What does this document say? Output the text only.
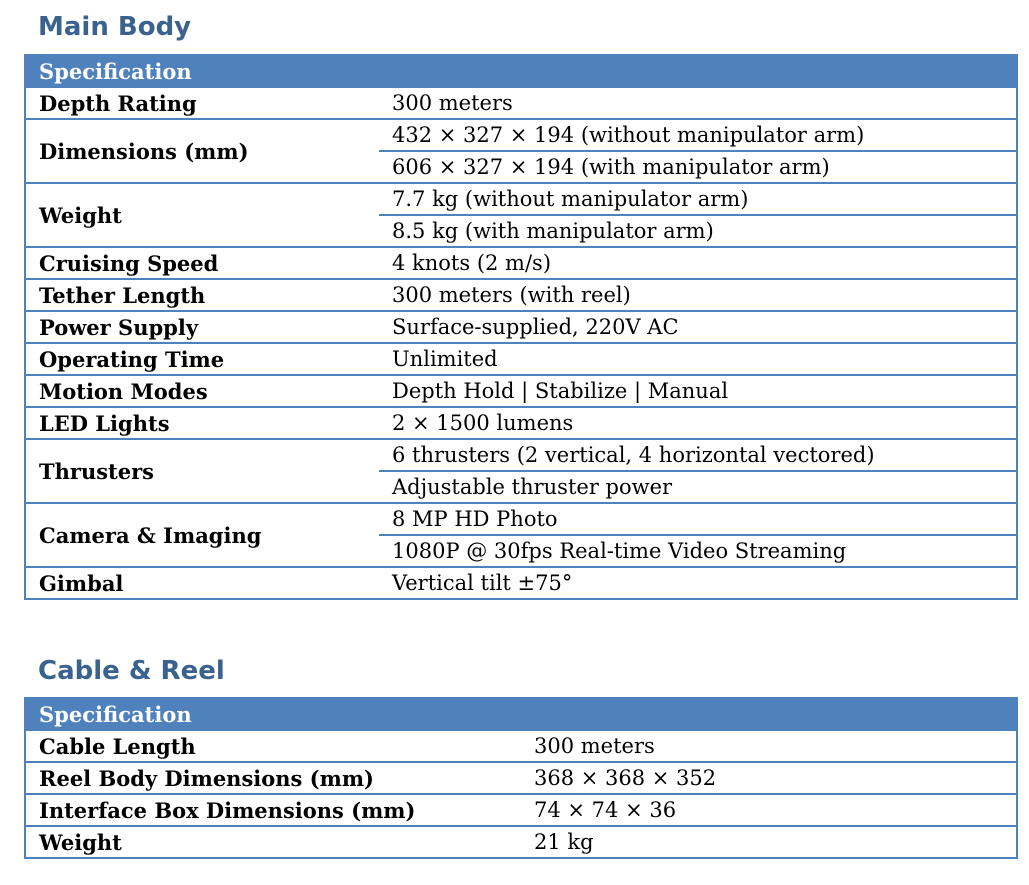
Main Body
Specification	
Depth Rating	300 meters
Dimensions (mm)	432 × 327 × 194 (without manipulator arm)
	606 × 327 × 194 (with manipulator arm)
Weight	7.7 kg (without manipulator arm)
	8.5 kg (with manipulator arm)
Cruising Speed	4 knots (2 m/s)
Tether Length	300 meters (with reel)
Power Supply	Surface-supplied, 220V AC
Operating Time	Unlimited
Motion Modes	Depth Hold | Stabilize | Manual
LED Lights	2 × 1500 lumens
Thrusters	6 thrusters (2 vertical, 4 horizontal vectored)
	Adjustable thruster power
Camera & Imaging	8 MP HD Photo
	1080P @ 30fps Real-time Video Streaming
Gimbal	Vertical tilt ±75°
Cable & Reel
Specification	
Cable Length	300 meters
Reel Body Dimensions (mm)	368 × 368 × 352
Interface Box Dimensions (mm)	74 × 74 × 36
Weight	21 kg
